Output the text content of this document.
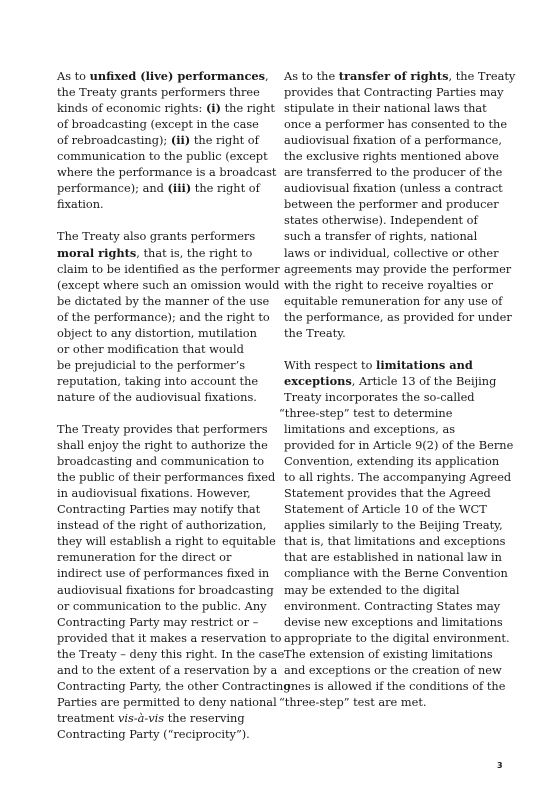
As to unfixed (live) performances,
the Treaty grants performers three
kinds of economic rights: (i) the right
of broadcasting (except in the case
of rebroadcasting); (ii) the right of
communication to the public (except
where the performance is a broadcast
performance); and (iii) the right of
fixation.

The Treaty also grants performers
moral rights, that is, the right to
claim to be identified as the performer
(except where such an omission would
be dictated by the manner of the use
of the performance); and the right to
object to any distortion, mutilation
or other modification that would
be prejudicial to the performer’s
reputation, taking into account the
nature of the audiovisual fixations.

The Treaty provides that performers
shall enjoy the right to authorize the
broadcasting and communication to
the public of their performances fixed
in audiovisual fixations. However,
Contracting Parties may notify that
instead of the right of authorization,
they will establish a right to equitable
remuneration for the direct or
indirect use of performances fixed in
audiovisual fixations for broadcasting
or communication to the public. Any
Contracting Party may restrict or –
provided that it makes a reservation to
the Treaty – deny this right. In the case
and to the extent of a reservation by a
Contracting Party, the other Contracting
Parties are permitted to deny national
treatment vis-à-vis the reserving
Contracting Party (“reciprocity”).

As to the transfer of rights, the Treaty
provides that Contracting Parties may
stipulate in their national laws that
once a performer has consented to the
audiovisual fixation of a performance,
the exclusive rights mentioned above
are transferred to the producer of the
audiovisual fixation (unless a contract
between the performer and producer
states otherwise). Independent of
such a transfer of rights, national
laws or individual, collective or other
agreements may provide the performer
with the right to receive royalties or
equitable remuneration for any use of
the performance, as provided for under
the Treaty.

With respect to limitations and
exceptions, Article 13 of the Beijing
Treaty incorporates the so-called
“three-step” test to determine
limitations and exceptions, as
provided for in Article 9(2) of the Berne
Convention, extending its application
to all rights. The accompanying Agreed
Statement provides that the Agreed
Statement of Article 10 of the WCT
applies similarly to the Beijing Treaty,
that is, that limitations and exceptions
that are established in national law in
compliance with the Berne Convention
may be extended to the digital
environment. Contracting States may
devise new exceptions and limitations
appropriate to the digital environment.
The extension of existing limitations
and exceptions or the creation of new
ones is allowed if the conditions of the
“three-step” test are met.

3
